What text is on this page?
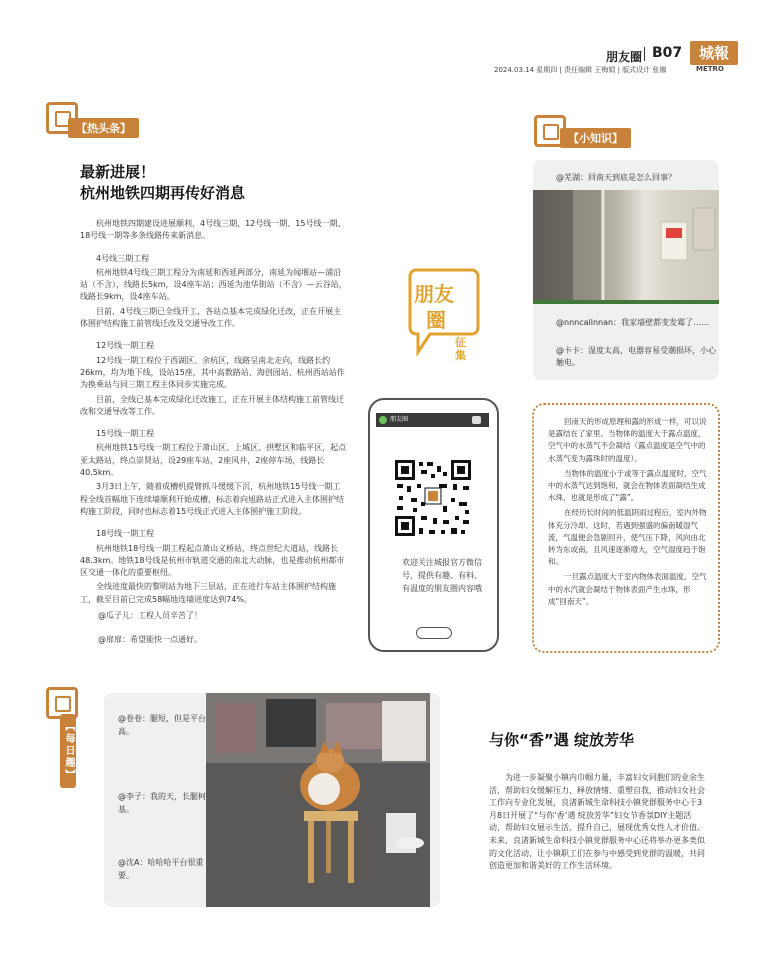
朋友圈 B07	城報
2024.03.14 星期四 | 责任编辑 王梅娟 | 版式设计 张娜	METRO
【热头条】
最新进展！
杭州地铁四期再传好消息

杭州地铁四期建设进展顺利，4号线三期、12号线一期、15号线一期、18号线一期等多条线路传来新消息。

4号线三期工程

杭州地铁4号线三期工程分为南延和西延两部分，南延为闻堰站—浦沿站（不含），线路长5km，设4座车站；西延为池华街站（不含）—云谷站，线路长9km，设4座车站。

目前，4号线三期已全线开工，各站点基本完成绿化迁改，正在开展主体围护结构施工前管线迁改及交通导改工作。

12号线一期工程

12号线一期工程位于西湖区、余杭区，线路呈南北走向，线路长约26km，均为地下线，设站15座，其中高教路站、海创园站、杭州西站站作为换乘站与同三期工程主体同步实施完成。

目前，全线已基本完成绿化迁改施工，正在开展主体结构施工前管线迁改和交通导改等工作。

15号线一期工程

杭州地铁15号线一期工程位于萧山区、上城区、拱墅区和临平区，起点亚太路站，终点崇贤站，设29座车站，2座风井，2座停车场，线路长40.5km。

3月3日上午，随着成槽机提臂抓斗缓缓下沉，杭州地铁15号线一期工程全线首幅地下连续墙顺利开始成槽，标志着向旭路站正式进入主体围护结构施工阶段，同时也标志着15号线正式进入主体围护施工阶段。

18号线一期工程

杭州地铁18号线一期工程起点萧山义桥站，终点世纪大道站，线路长48.3km。地铁18号线是杭州市轨道交通的南北大动脉，也是推动杭州都市区交通一体化的重要枢纽。

全线进度最快的黎明站为地下三层站，正在进行车站主体围护结构施工，截至目前已完成58幅地连墙进度达到74%。

@瓜子儿：工程人员辛苦了！
@扉扉：希望能快一点通好。
【小知识】
@芜湖：回南天到底是怎么回事？
@nnncallnnan：我家墙壁都变发霉了……
@卡卡：湿度太高，电器容易受潮损坏，小心触电。

回南天的形成原理和露的形成一样，可以说是露结在了家里。当物体的温度大于露点温度，空气中的水蒸气不会凝结（露点温度是空气中的水蒸气变为露珠时的温度）。

当物体的温度小于或等于露点温度时，空气中的水蒸气达到饱和，就会在物体表面凝结生成水珠，也就是形成了“露”。

在经历长时间的低温阴雨过程后，室内外物体充分冷却。这时，若遇到强盛的偏南暖湿气流，气温便会急剧回升，使气压下降，风向由北转为东或南，且风速逐渐增大，空气湿度趋于饱和。

一旦露点温度大于室内物体表面温度，空气中的水汽就会凝结于物体表面产生水珠，形成“回南天”。

朋友
圈
征集
朋友圈
欢迎关注城报官方微信号，提供有趣、有料、有温度的朋友圈内容哦
【每日趣】
@卷卷：腿短，但是平台高。
@李子：我的天，长腿柯基。
@沈A：哈哈哈平台很重要。
与你“香”遇 绽放芳华
为进一步凝聚小镇内巾帼力量，丰富妇女同胞们的业余生活，帮助妇女缓解压力、释放情绪、重塑自我，推动妇女社会工作向专业化发展，良渚新城生命科技小镇党群服务中心于3月8日开展了“与你‘香’遇 绽放芳华”妇女节香氛DIY主题活动，帮助妇女展示生活、提升自己，展现优秀女性人才价值。未来，良渚新城生命科技小镇党群服务中心还将举办更多类似的文化活动，让小镇职工们在参与中感受到党群的温暖，共同创造更加和谐美好的工作生活环境。
